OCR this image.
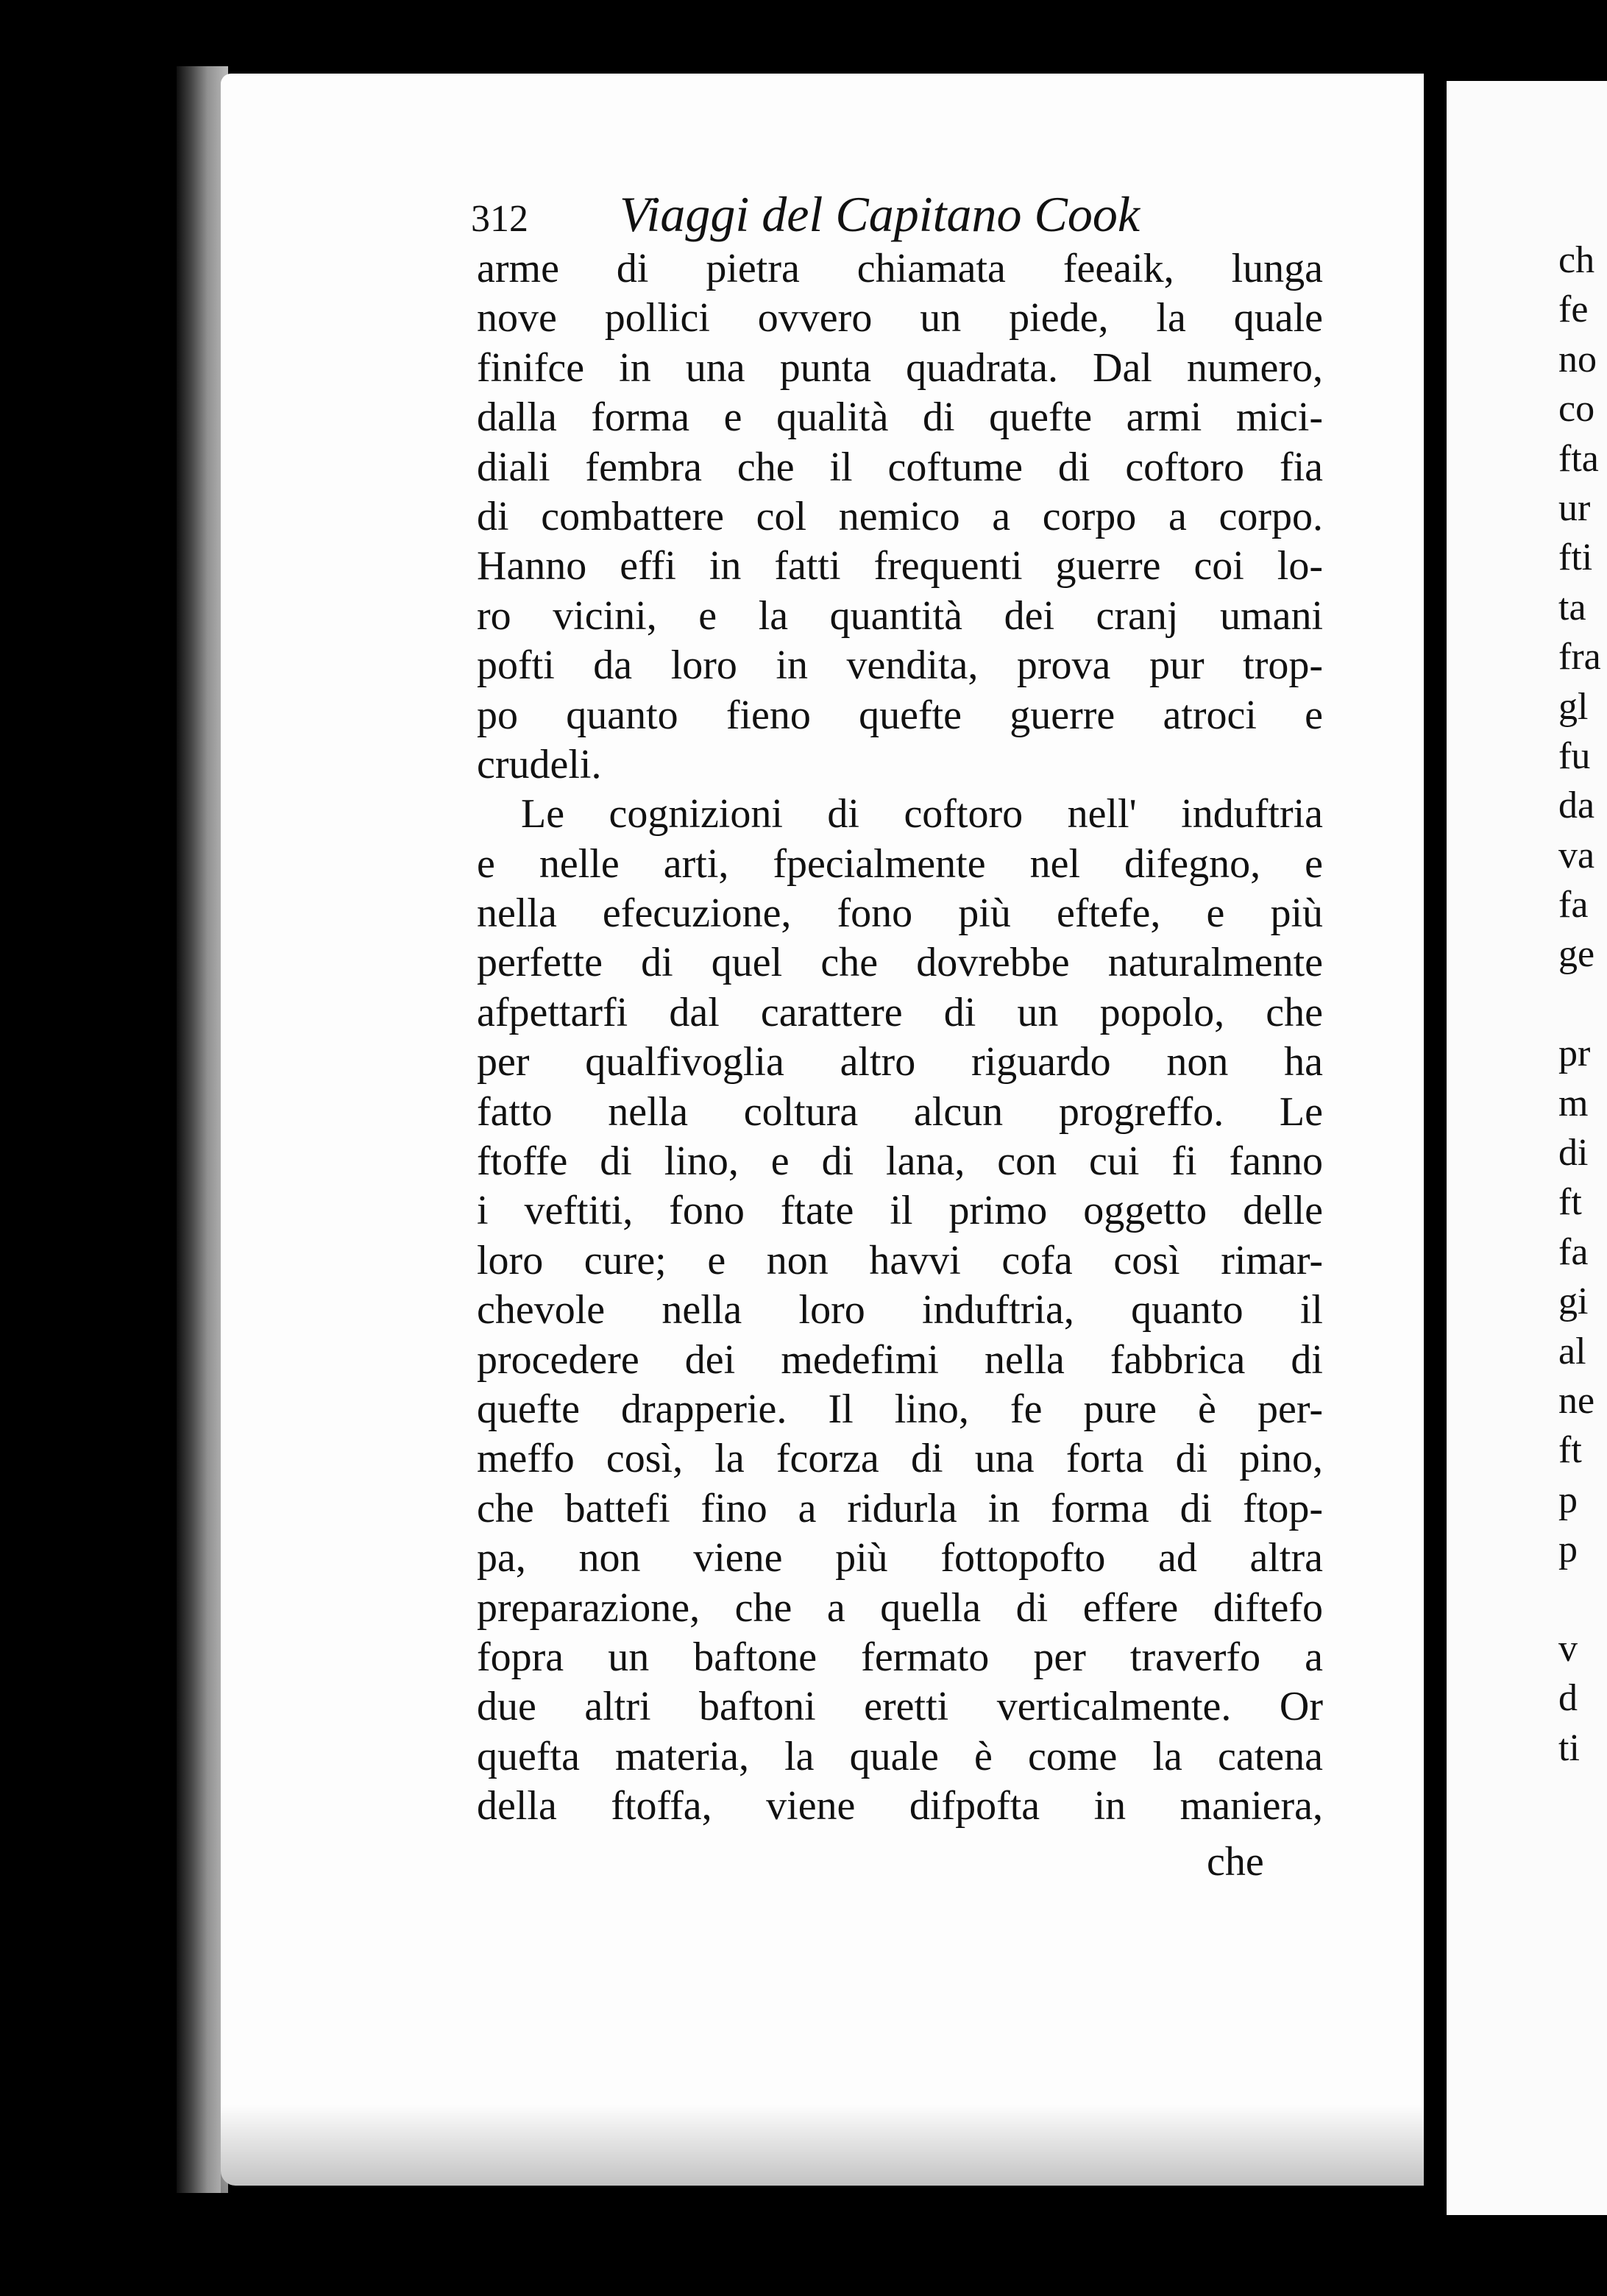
312 Viaggi del Capitano Cook
arme di pietra chiamata feeaik, lunga
nove pollici ovvero un piede, la quale
finifce in una punta quadrata. Dal numero,
dalla forma e qualità di quefte armi mici-
diali fembra che il coftume di coftoro fia
di combattere col nemico a corpo a corpo.
Hanno effi in fatti frequenti guerre coi lo-
ro vicini, e la quantità dei cranj umani
pofti da loro in vendita, prova pur trop-
po quanto fieno quefte guerre atroci e
crudeli.
Le cognizioni di coftoro nell' induftria
e nelle arti, fpecialmente nel difegno, e
nella efecuzione, fono più eftefe, e più
perfette di quel che dovrebbe naturalmente
afpettarfi dal carattere di un popolo, che
per qualfivoglia altro riguardo non ha
fatto nella coltura alcun progreffo. Le
ftoffe di lino, e di lana, con cui fi fanno
i veftiti, fono ftate il primo oggetto delle
loro cure; e non havvi cofa così rimar-
chevole nella loro induftria, quanto il
procedere dei medefimi nella fabbrica di
quefte drapperie. Il lino, fe pure è per-
meffo così, la fcorza di una forta di pino,
che battefi fino a ridurla in forma di ftop-
pa, non viene più fottopofto ad altra
preparazione, che a quella di effere diftefo
fopra un baftone fermato per traverfo a
due altri baftoni eretti verticalmente. Or
quefta materia, la quale è come la catena
della ftoffa, viene difpofta in maniera,
che
ch
fe
no
co
fta
ur
fti
ta
fra
gl
fu
da
va
fa
ge
pr
m
di
ft
fa
gi
al
ne
ft
p
p
v
d
ti
